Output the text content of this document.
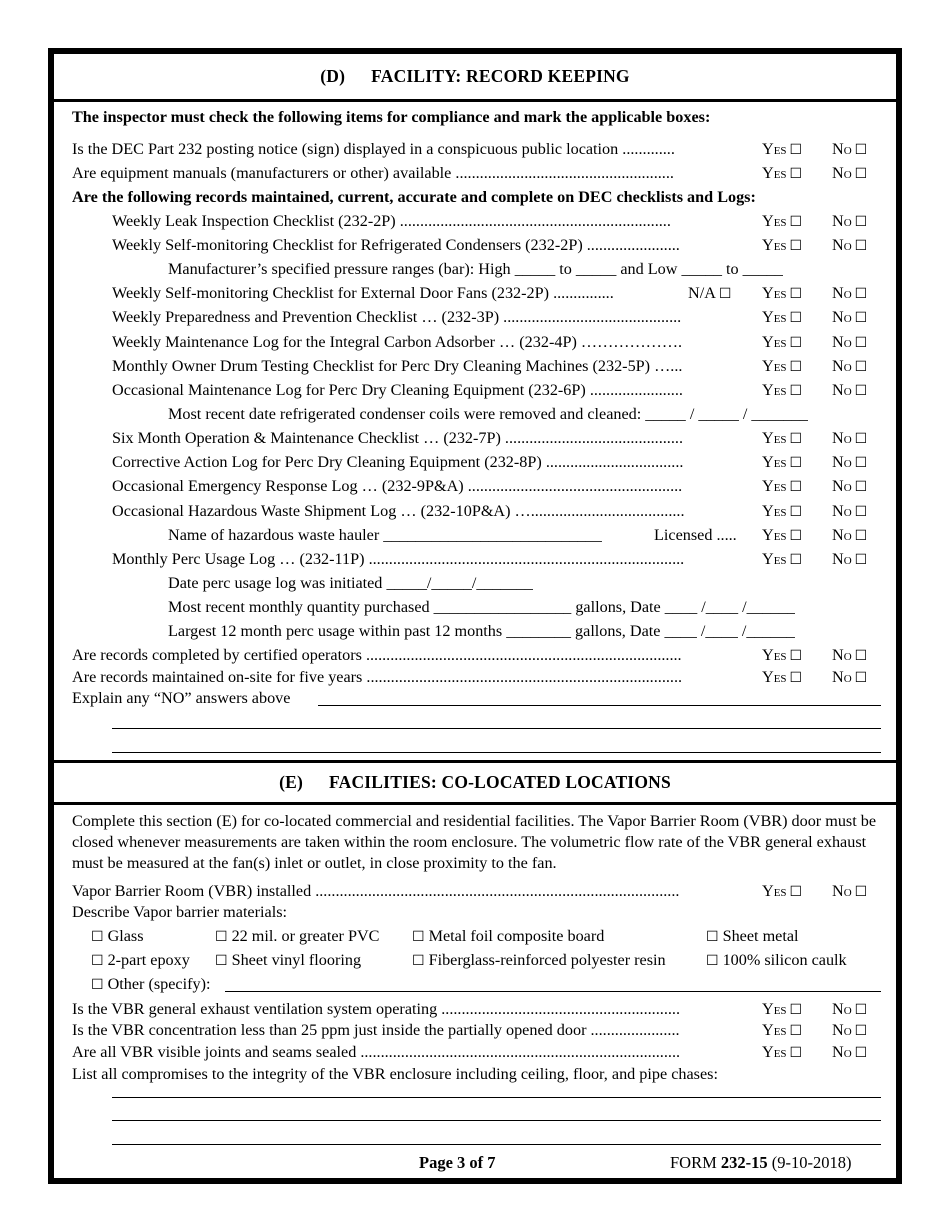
(D) FACILITY: RECORD KEEPING
The inspector must check the following items for compliance and mark the applicable boxes:
Is the DEC Part 232 posting notice (sign) displayed in a conspicuous public location .............	Yes ☐ No ☐
Are equipment manuals (manufacturers or other) available ......................................................	Yes ☐ No ☐
Are the following records maintained, current, accurate and complete on DEC checklists and Logs:
Weekly Leak Inspection Checklist (232-2P) ...................................................................	Yes ☐ No ☐
Weekly Self-monitoring Checklist for Refrigerated Condensers (232-2P) .......................	Yes ☐ No ☐
Manufacturer’s specified pressure ranges (bar): High _____ to _____ and Low _____ to _____
Weekly Self-monitoring Checklist for External Door Fans (232-2P) ...............	N/A ☐ Yes ☐ No ☐
Weekly Preparedness and Prevention Checklist … (232-3P) ............................................	Yes ☐ No ☐
Weekly Maintenance Log for the Integral Carbon Adsorber … (232-4P) ……………….	Yes ☐ No ☐
Monthly Owner Drum Testing Checklist for Perc Dry Cleaning Machines (232-5P) …...	Yes ☐ No ☐
Occasional Maintenance Log for Perc Dry Cleaning Equipment (232-6P) .......................	Yes ☐ No ☐
Most recent date refrigerated condenser coils were removed and cleaned: _____ / _____ / _______
Six Month Operation & Maintenance Checklist … (232-7P) ............................................	Yes ☐ No ☐
Corrective Action Log for Perc Dry Cleaning Equipment (232-8P) ..................................	Yes ☐ No ☐
Occasional Emergency Response Log … (232-9P&A) .....................................................	Yes ☐ No ☐
Occasional Hazardous Waste Shipment Log … (232-10P&A) …......................................	Yes ☐ No ☐
Name of hazardous waste hauler ___________________________	Licensed ..... Yes ☐ No ☐
Monthly Perc Usage Log … (232-11P) ..............................................................................	Yes ☐ No ☐
Date perc usage log was initiated _____/_____/_______
Most recent monthly quantity purchased _________________ gallons, Date ____ /____ /______
Largest 12 month perc usage within past 12 months ________ gallons, Date ____ /____ /______
Are records completed by certified operators ..............................................................................	Yes ☐ No ☐
Are records maintained on-site for five years ..............................................................................	Yes ☐ No ☐
Explain any “NO” answers above
(E) FACILITIES: CO-LOCATED LOCATIONS
Complete this section (E) for co-located commercial and residential facilities. The Vapor Barrier Room (VBR) door must be closed whenever measurements are taken within the room enclosure. The volumetric flow rate of the VBR general exhaust must be measured at the fan(s) inlet or outlet, in close proximity to the fan.
Vapor Barrier Room (VBR) installed ..........................................................................................	Yes ☐ No ☐
Describe Vapor barrier materials:
☐ Glass	☐ 22 mil. or greater PVC ☐ Metal foil composite board	☐ Sheet metal
☐ 2-part epoxy ☐ Sheet vinyl flooring	☐ Fiberglass-reinforced polyester resin	☐ 100% silicon caulk
☐ Other (specify):
Is the VBR general exhaust ventilation system operating ...........................................................	Yes ☐ No ☐
Is the VBR concentration less than 25 ppm just inside the partially opened door ......................	Yes ☐ No ☐
Are all VBR visible joints and seams sealed ...............................................................................	Yes ☐ No ☐
List all compromises to the integrity of the VBR enclosure including ceiling, floor, and pipe chases:
Page 3 of 7	FORM 232-15 (9-10-2018)
